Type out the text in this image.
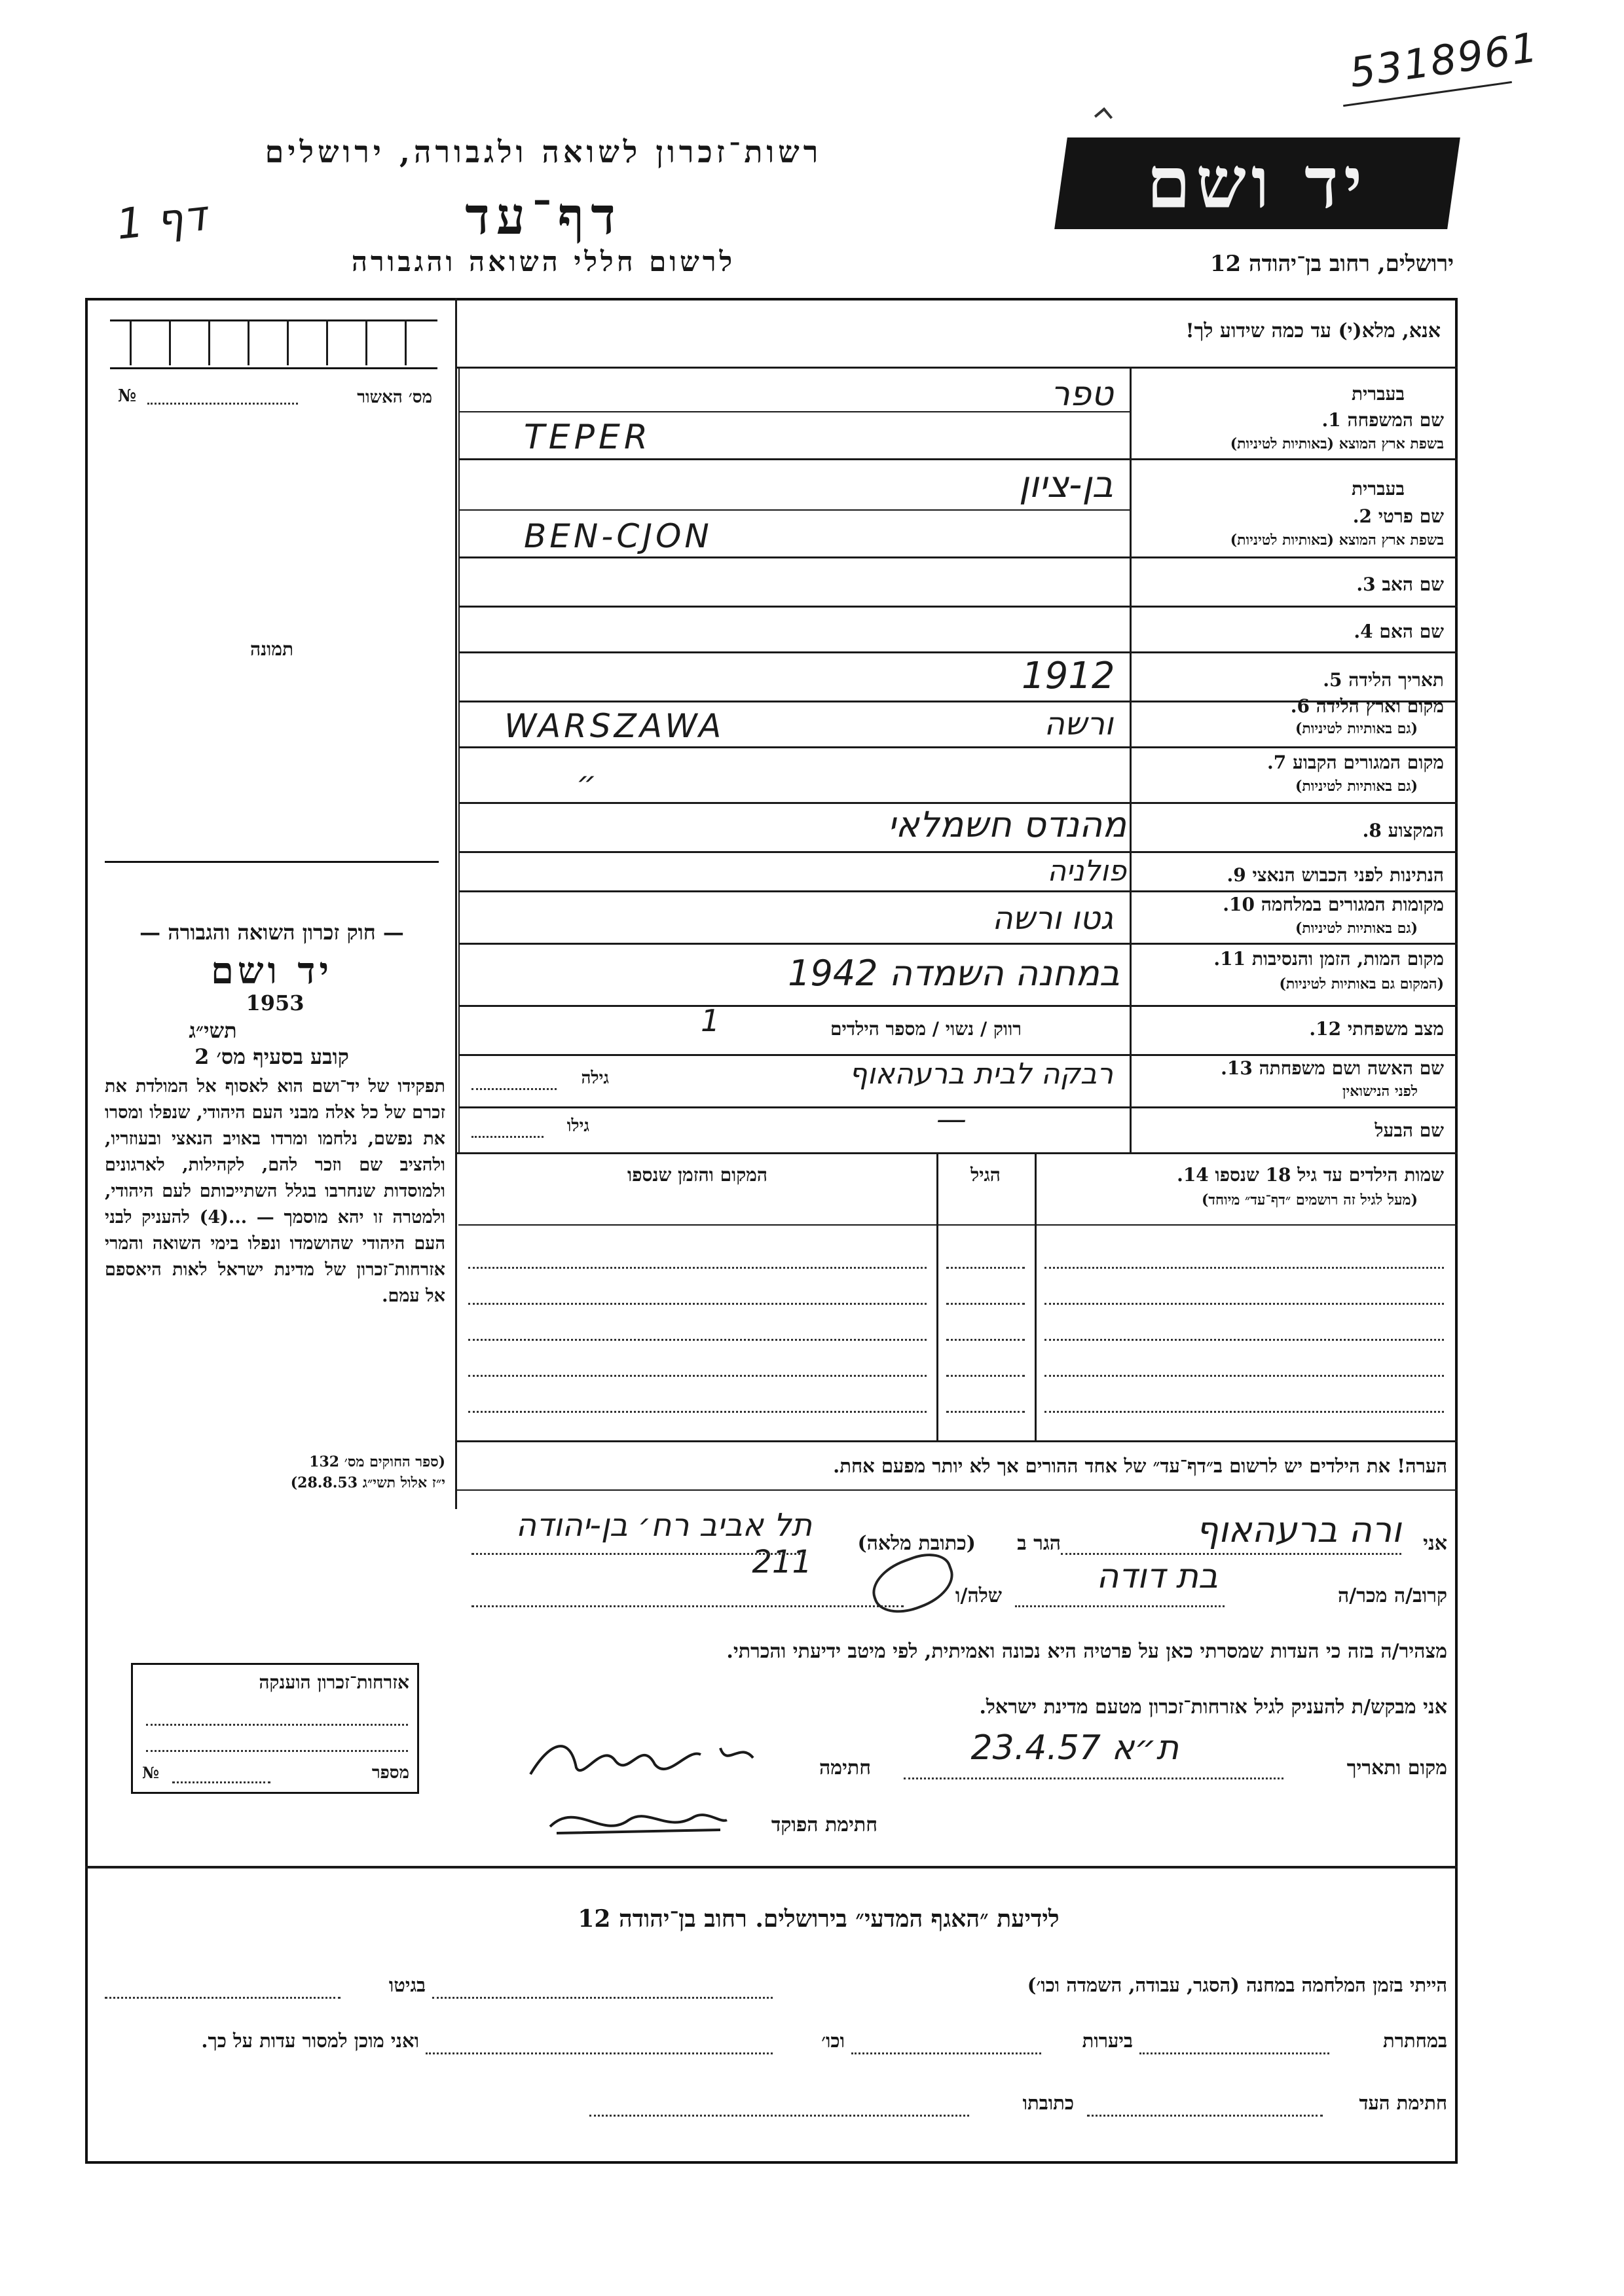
5318961
רשות־זכרון לשואה ולגבורה, ירושלים
דף־עד
דף 1
לרשום חללי השואה והגבורה
יד ושם
ירושלים, רחוב בן־יהודה 12
№	מס׳ האשור
תמונה
— חוק זכרון השואה והגבורה —
יד ושם
תשי״ג
1953
קובע בסעיף מס׳ 2
תפקידו של יד־ושם הוא לאסוף אל המולדת את זכרם של כל אלה מבני העם היהודי, שנפלו ומסרו את נפשם, נלחמו ומרדו באויב הנאצי ובעוזריו, ולהציב שם וזכר להם, לקהילות, לארגונים ולמוסדות שנחרבו בגלל השתייכותם לעם היהודי, ולמטרה זו יהא מוסמך — ...(4) להעניק לבני העם היהודי שהושמדו ונפלו בימי השואה והמרי אזרחות־זכרון של מדינת ישראל לאות היאספם אל עמם.
(ספר החוקים מס׳ 132
י״ז אלול תשי״ג 28.8.53)
אנא, מלא(י) עד כמה שידוע לך!
שם המשפחה 1.
בעברית
בשפת ארץ המוצא (באותיות לטיניות)
טפר
TEPER
בעברית
שם פרטי 2.
בשפת ארץ המוצא (באותיות לטיניות)
בן-ציון
BEN-CJON
שם האב 3.
שם האם 4.
תאריך הלידה 5.
1912
מקום וארץ הלידה 6.
(גם באותיות לטיניות)
WARSZAWA	ורשה
מקום המגורים הקבוע 7.
(גם באותיות לטיניות)
״
המקצוע 8.
מהנדס חשמלאי
הנתינות לפני הכבוש הנאצי 9.
פולניה
מקומות המגורים במלחמה 10.
(גם באותיות לטיניות)
גטו ורשה
מקום המות, הזמן והנסיבות 11.
(המקום גם באותיות לטיניות)
במחנה השמדה 1942
מצב משפחתי 12.
רווק / נשוי / מספר הילדים
1
שם האשה ושם משפחתה 13.
לפני הנישואין
רבקה לבית ברעהאוף
גילה
שם הבעל
—
גילו
שמות הילדים עד גיל 18 שנספו 14.
(מעל לגיל זה רושמים ״דף־עד״ מיוחד)
הגיל
המקום והזמן שנספו
הערה! את הילדים יש לרשום ב״דף־עד״ של אחד ההורים אך לא יותר מפעם אחת.
אני
ורה ברעהאוף
הגר ב
(כתובת מלאה)
תל אביב רח׳ בן-יהודה 211
קרוב/ה מכר/ה
בת דודה
שלה/ו
מצהיר/ה בזה כי העדות שמסרתי כאן על פרטיה היא נכונה ואמיתית, לפי מיטב ידיעתי והכרתי.
אני מבקש/ת להעניק לגיל אזרחות־זכרון מטעם מדינת ישראל.
מקום ותאריך
ת״א 23.4.57
חתימה
חתימת הפוקד
אזרחות־זכרון הוענקה
מספר
№
לידיעת ״האגף המדעי״ בירושלים. רחוב בן־יהודה 12
הייתי בזמן המלחמה במחנה (הסגר, עבודה, השמדה וכו׳)
בגיטו
במחתרת
ביערות
וכו׳
ואני מוכן למסור עדות על כך.
חתימת העד
כתובתו
